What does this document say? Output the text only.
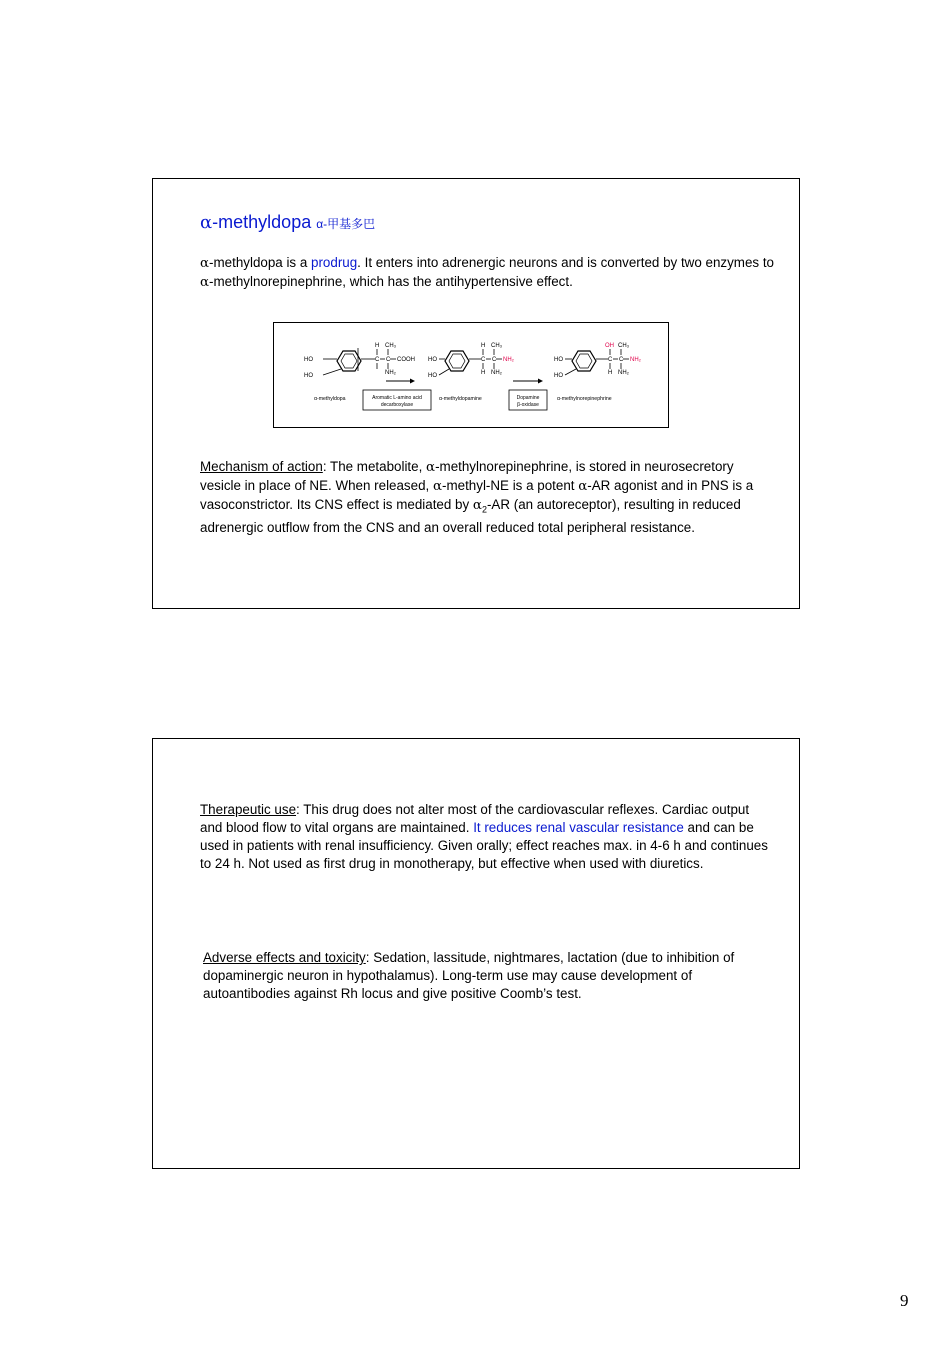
α-methyldopa α-甲基多巴
α-methyldopa is a prodrug. It enters into adrenergic neurons and is converted by two enzymes to α-methylnorepinephrine, which has the antihypertensive effect.
HO
HO
H CH₃
C C COOH
NH₂
α-methyldopa	Aromatic L-amino acid
decarboxylase
HO
HO
H CH₃
C C NH₂
H NH₂
α-methyldopamine	Dopamine
β-oxidase
HO
HO
OH CH₃
C C NH₂
H NH₂
α-methylnorepinephrine
Mechanism of action: The metabolite, α-methylnorepinephrine, is stored in neurosecretory vesicle in place of NE. When released, α-methyl-NE is a potent α-AR agonist and in PNS is a vasoconstrictor. Its CNS effect is mediated by $\alpha_2-AR$ (an autoreceptor), resulting in reduced adrenergic outflow from the CNS and an overall reduced total peripheral resistance.
Therapeutic use: This drug does not alter most of the cardiovascular reflexes. Cardiac output and blood flow to vital organs are maintained. It reduces renal vascular resistance and can be used in patients with renal insufficiency. Given orally; effect reaches max. in 4-6 h and continues to 24 h. Not used as first drug in monotherapy, but effective when used with diuretics.
Adverse effects and toxicity: Sedation, lassitude, nightmares, lactation (due to inhibition of dopaminergic neuron in hypothalamus). Long-term use may cause development of autoantibodies against Rh locus and give positive Coomb’s test.
9
